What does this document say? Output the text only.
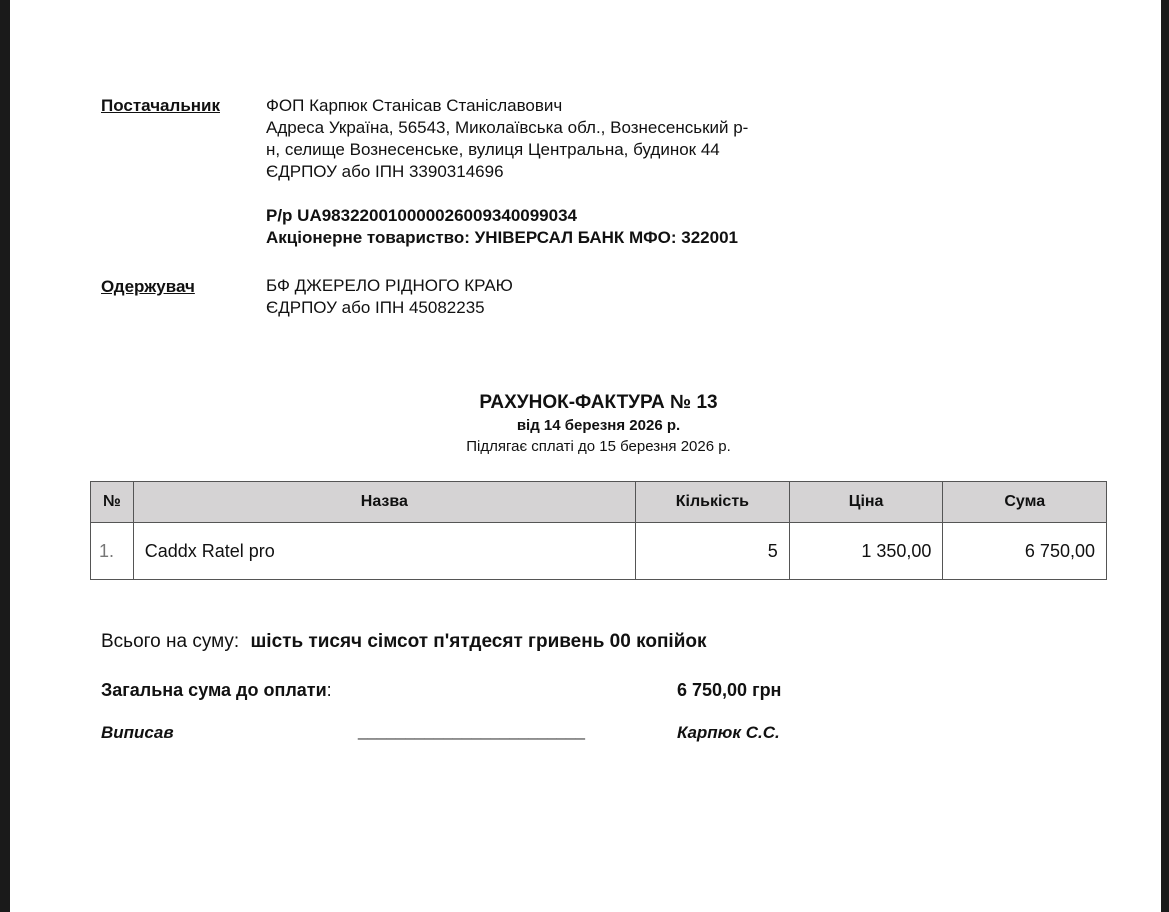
Постачальник	ФОП Карпюк Станісав Станіславович
Адреса Україна, 56543, Миколаївська обл., Вознесенський р-
н, селище Вознесенське, вулиця Центральна, будинок 44
ЄДРПОУ або ІПН 3390314696
Р/р UA983220010000026009340099034
Акціонерне товариство: УНІВЕРСАЛ БАНК МФО: 322001
Одержувач	БФ ДЖЕРЕЛО РІДНОГО КРАЮ
ЄДРПОУ або ІПН 45082235
РАХУНОК-ФАКТУРА № 13
від 14 березня 2026 р.
Підлягає сплаті до 15 березня 2026 р.
№	Назва	Кількість	Ціна	Сума
1.	Caddx Ratel pro	5	1 350,00	6 750,00
Всього на суму: шість тисяч сімсот п'ятдесят гривень 00 копійок
Загальна сума до оплати:	6 750,00 грн
Виписав	________________________	Карпюк С.С.
